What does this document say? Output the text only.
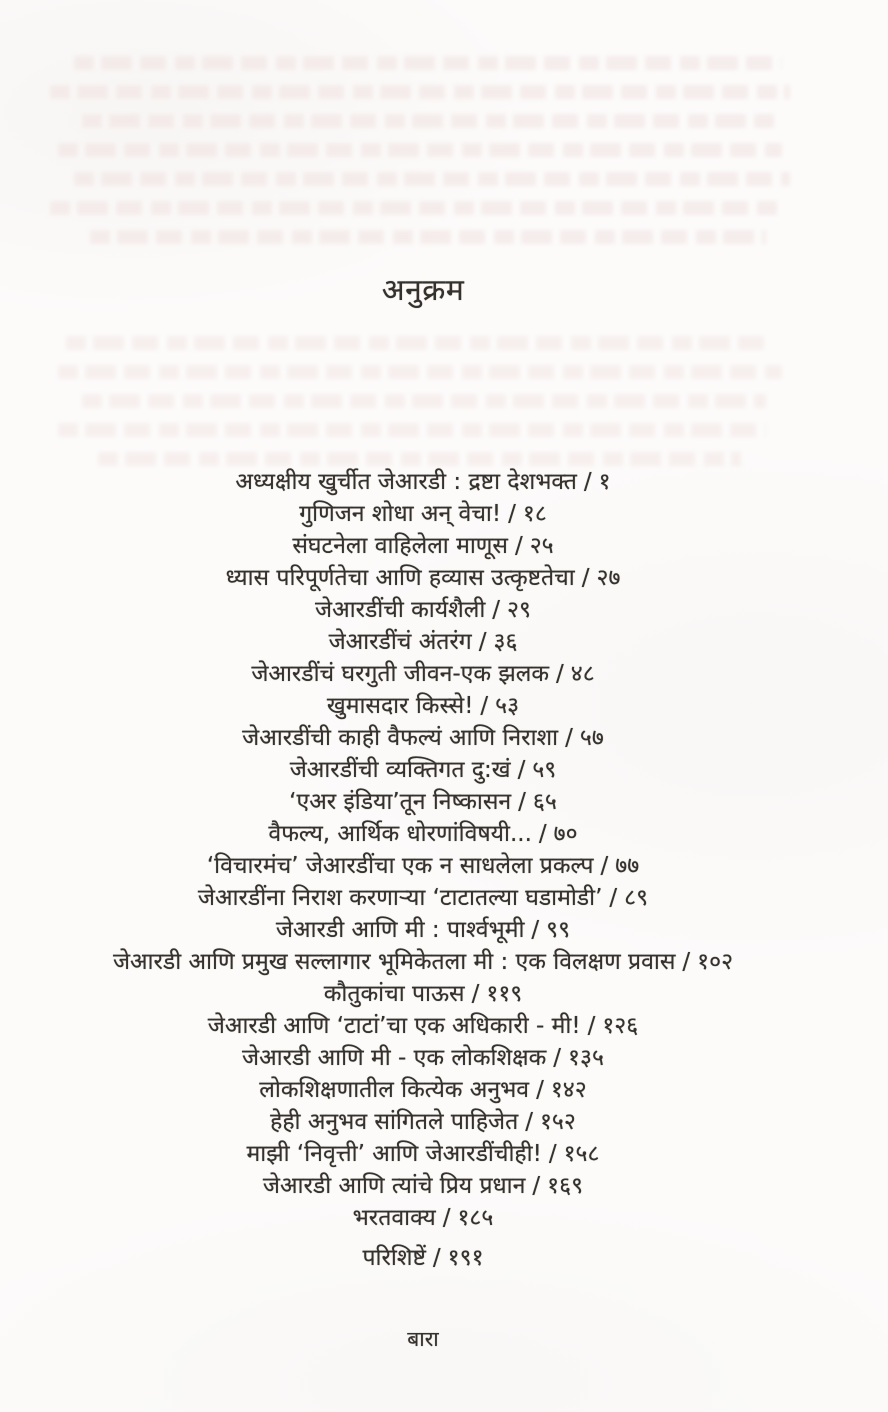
अनुक्रम
अध्यक्षीय खुर्चीत जेआरडी : द्रष्टा देशभक्त / १
गुणिजन शोधा अन् वेचा! / १८
संघटनेला वाहिलेला माणूस / २५
ध्यास परिपूर्णतेचा आणि हव्यास उत्कृष्टतेचा / २७
जेआरडींची कार्यशैली / २९
जेआरडींचं अंतरंग / ३६
जेआरडींचं घरगुती जीवन-एक झलक / ४८
खुमासदार किस्से! / ५३
जेआरडींची काही वैफल्यं आणि निराशा / ५७
जेआरडींची व्यक्तिगत दु:खं / ५९
‘एअर इंडिया’तून निष्कासन / ६५
वैफल्य, आर्थिक धोरणांविषयी... / ७०
‘विचारमंच’ जेआरडींचा एक न साधलेला प्रकल्प / ७७
जेआरडींना निराश करणाऱ्या ‘टाटातल्या घडामोडी’ / ८९
जेआरडी आणि मी : पार्श्वभूमी / ९९
जेआरडी आणि प्रमुख सल्लागार भूमिकेतला मी : एक विलक्षण प्रवास / १०२
कौतुकांचा पाऊस / ११९
जेआरडी आणि ‘टाटां’चा एक अधिकारी - मी! / १२६
जेआरडी आणि मी - एक लोकशिक्षक / १३५
लोकशिक्षणातील कित्येक अनुभव / १४२
हेही अनुभव सांगितले पाहिजेत / १५२
माझी ‘निवृत्ती’ आणि जेआरडींचीही! / १५८
जेआरडी आणि त्यांचे प्रिय प्रधान / १६९
भरतवाक्य / १८५
परिशिष्टें / १९१
बारा
